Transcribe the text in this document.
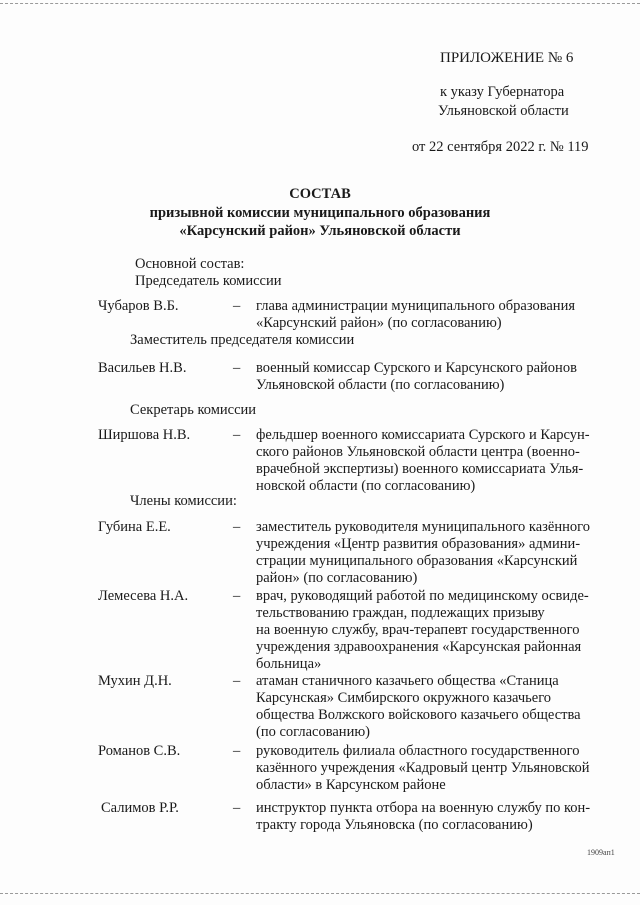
ПРИЛОЖЕНИЕ № 6
к указу Губернатора
Ульяновской области
от 22 сентября 2022 г. № 119
СОСТАВ
призывной комиссии муниципального образования
«Карсунский район» Ульяновской области
Основной состав:
Председатель комиссии
Чубаров В.Б.	– глава администрации муниципального образования
«Карсунский район» (по согласованию)
Заместитель председателя комиссии
Васильев Н.В.	– военный комиссар Сурского и Карсунского районов
Ульяновской области (по согласованию)
Секретарь комиссии
Ширшова Н.В.	– фельдшер военного комиссариата Сурского и Карсун-
ского районов Ульяновской области центра (военно-
врачебной экспертизы) военного комиссариата Улья-
новской области (по согласованию)
Члены комиссии:
Губина Е.Е.	– заместитель руководителя муниципального казённого
учреждения «Центр развития образования» админи-
страции муниципального образования «Карсунский
район» (по согласованию)
Лемесева Н.А.	– врач, руководящий работой по медицинскому освиде-
тельствованию граждан, подлежащих призыву
на военную службу, врач-терапевт государственного
учреждения здравоохранения «Карсунская районная
больница»
Мухин Д.Н.	– атаман станичного казачьего общества «Станица
Карсунская» Симбирского окружного казачьего
общества Волжского войскового казачьего общества
(по согласованию)
Романов С.В.	– руководитель филиала областного государственного
казённого учреждения «Кадровый центр Ульяновской
области» в Карсунском районе
Салимов Р.Р.	– инструктор пункта отбора на военную службу по кон-
тракту города Ульяновска (по согласованию)
1909ап1
